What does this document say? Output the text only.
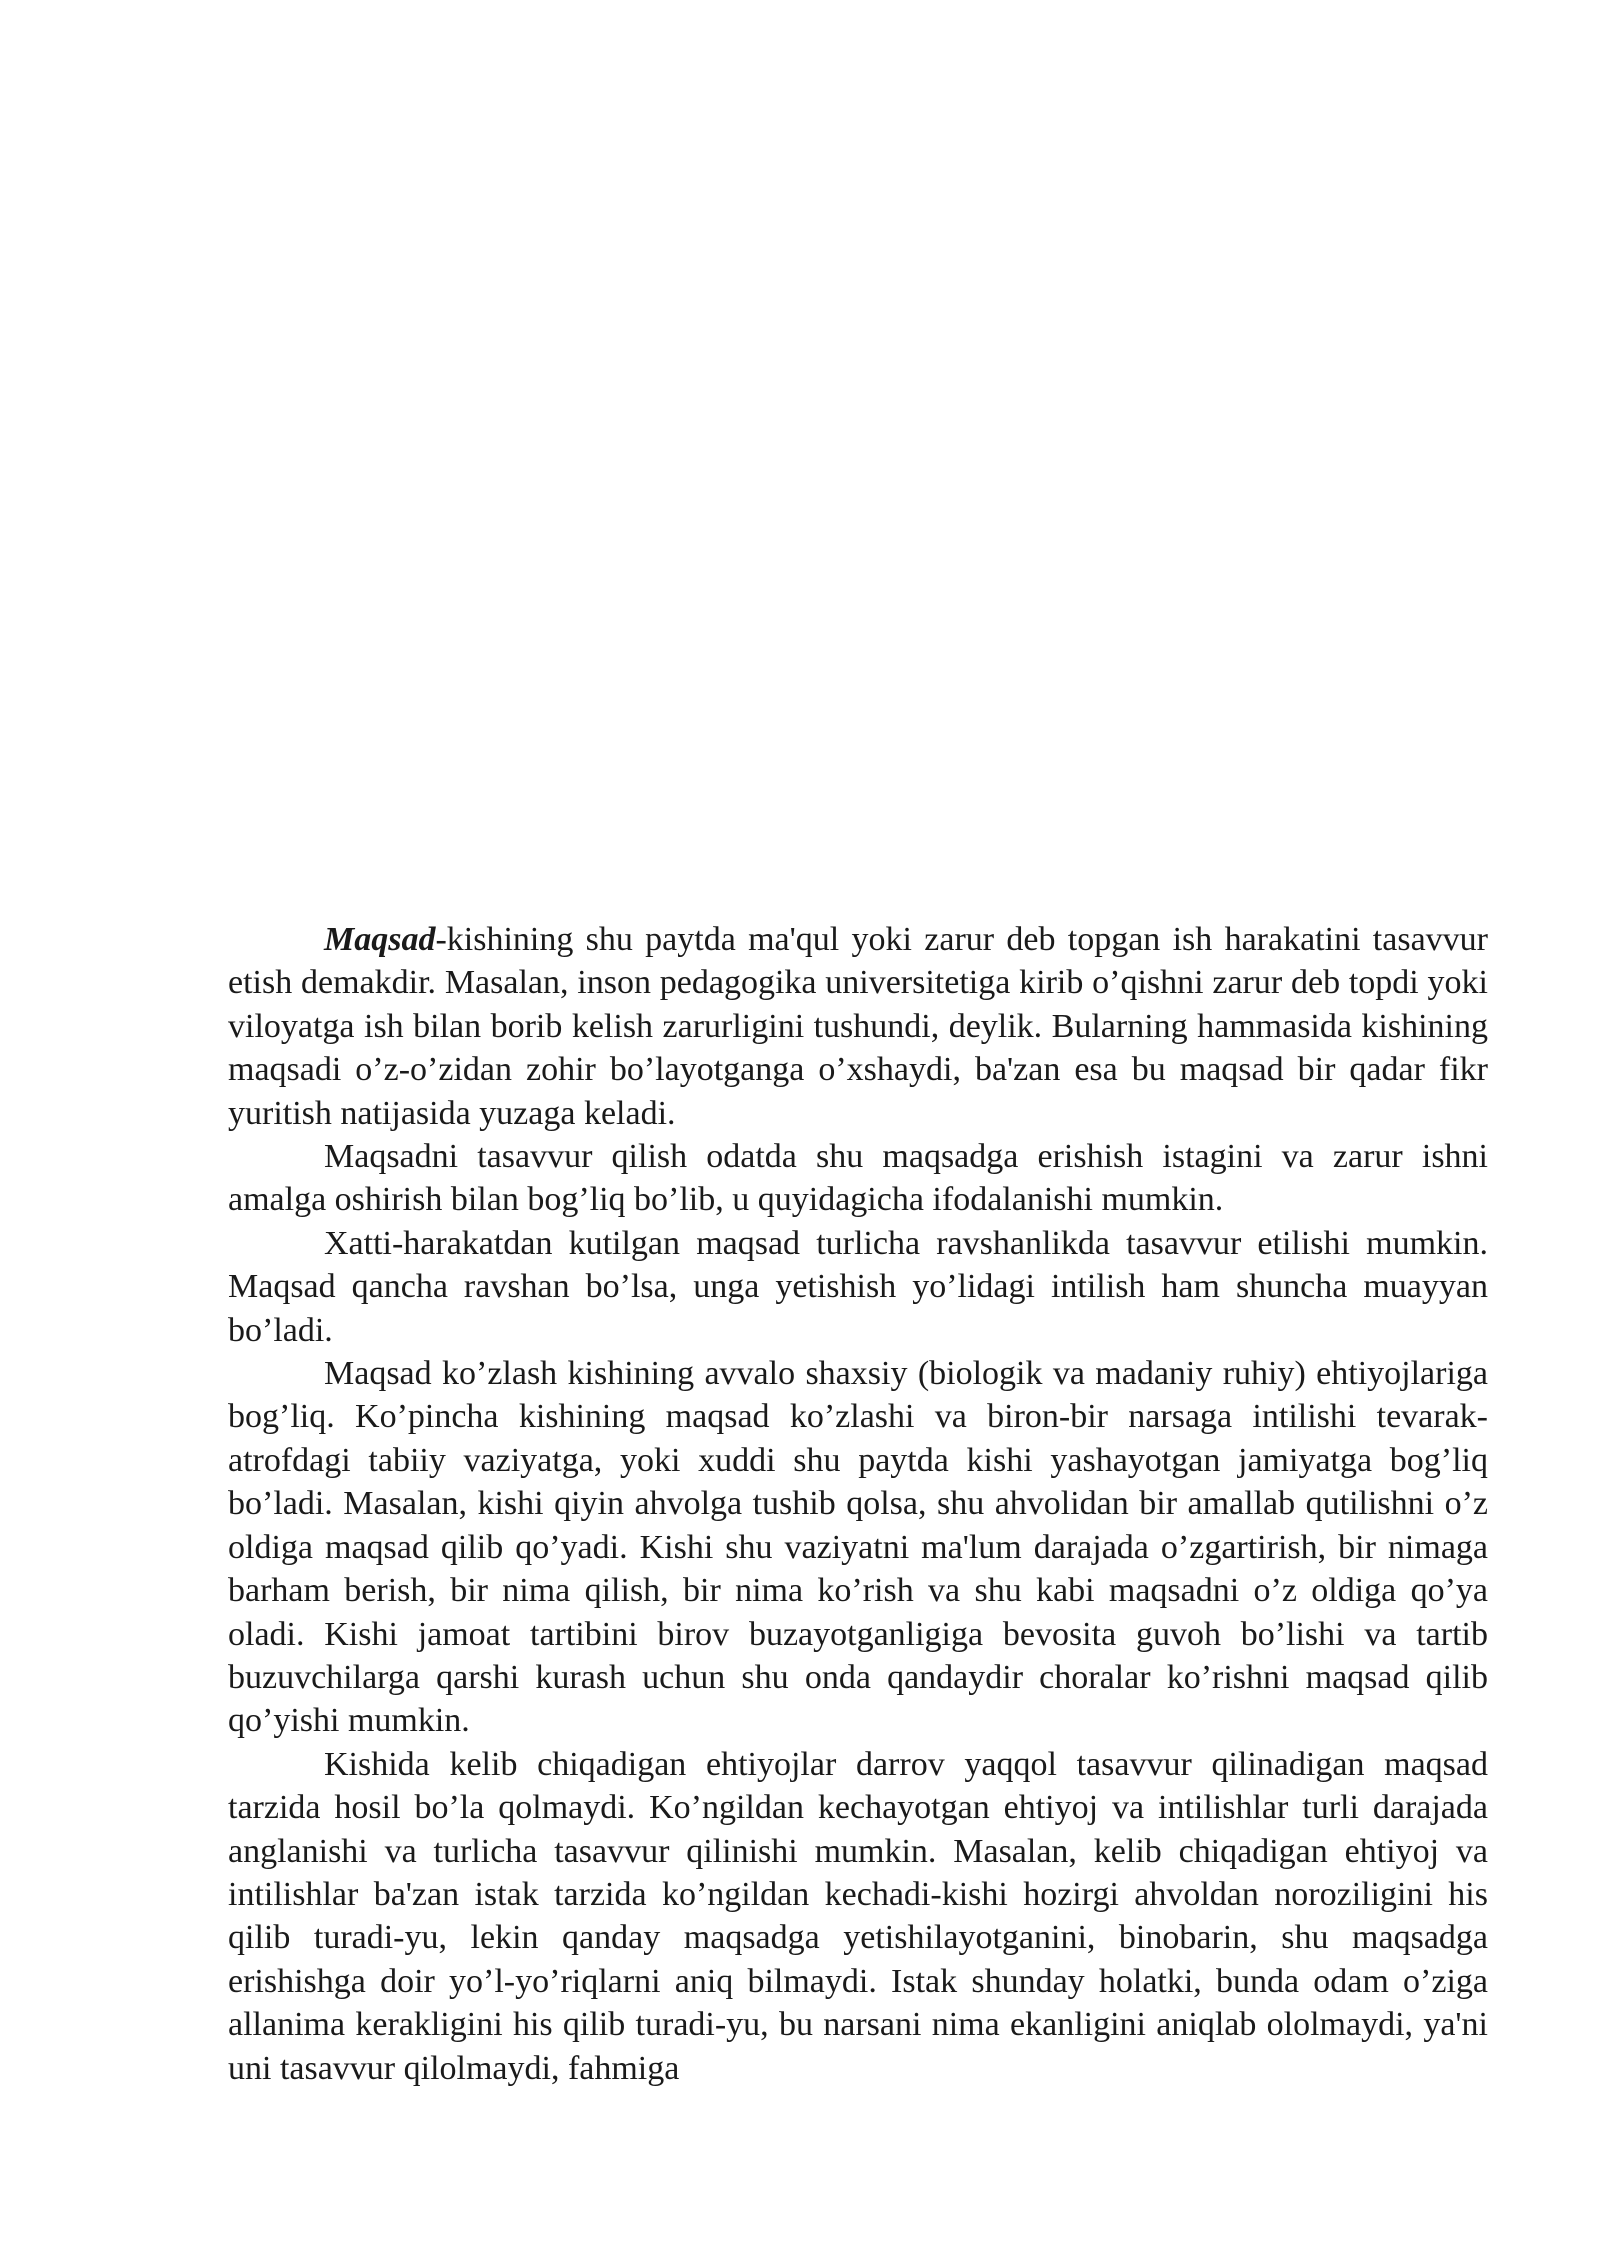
Maqsad-kishining shu paytda ma'qul yoki zarur deb topgan ish harakatini tasavvur etish demakdir. Masalan, inson pedagogika universitetiga kirib o’qishni zarur deb topdi yoki viloyatga ish bilan borib kelish zarurligini tushundi, deylik. Bularning hammasida kishining maqsadi o’z-o’zidan zohir bo’layotganga o’xshaydi, ba'zan esa bu maqsad bir qadar fikr yuritish natijasida yuzaga keladi.

Maqsadni tasavvur qilish odatda shu maqsadga erishish istagini va zarur ishni amalga oshirish bilan bog’liq bo’lib, u quyidagicha ifodalanishi mumkin.

Xatti-harakatdan kutilgan maqsad turlicha ravshanlikda tasavvur etilishi mumkin. Maqsad qancha ravshan bo’lsa, unga yetishish yo’lidagi intilish ham shuncha muayyan bo’ladi.

Maqsad ko’zlash kishining avvalo shaxsiy (biologik va madaniy ruhiy) ehtiyojlariga bog’liq. Ko’pincha kishining maqsad ko’zlashi va biron-bir narsaga intilishi tevarak-atrofdagi tabiiy vaziyatga, yoki xuddi shu paytda kishi yashayotgan jamiyatga bog’liq bo’ladi. Masalan, kishi qiyin ahvolga tushib qolsa, shu ahvolidan bir amallab qutilishni o’z oldiga maqsad qilib qo’yadi. Kishi shu vaziyatni ma'lum darajada o’zgartirish, bir nimaga barham berish, bir nima qilish, bir nima ko’rish va shu kabi maqsadni o’z oldiga qo’ya oladi. Kishi jamoat tartibini birov buzayotganligiga bevosita guvoh bo’lishi va tartib buzuvchilarga qarshi kurash uchun shu onda qandaydir choralar ko’rishni maqsad qilib qo’yishi mumkin.

Kishida kelib chiqadigan ehtiyojlar darrov yaqqol tasavvur qilinadigan maqsad tarzida hosil bo’la qolmaydi. Ko’ngildan kechayotgan ehtiyoj va intilishlar turli darajada anglanishi va turlicha tasavvur qilinishi mumkin. Masalan, kelib chiqadigan ehtiyoj va intilishlar ba'zan istak tarzida ko’ngildan kechadi-kishi hozirgi ahvoldan noroziligini his qilib turadi-yu, lekin qanday maqsadga yetishilayotganini, binobarin, shu maqsadga erishishga doir yo’l-yo’riqlarni aniq bilmaydi. Istak shunday holatki, bunda odam o’ziga allanima kerakligini his qilib turadi-yu, bu narsani nima ekanligini aniqlab ololmaydi, ya'ni uni tasavvur qilolmaydi, fahmiga
